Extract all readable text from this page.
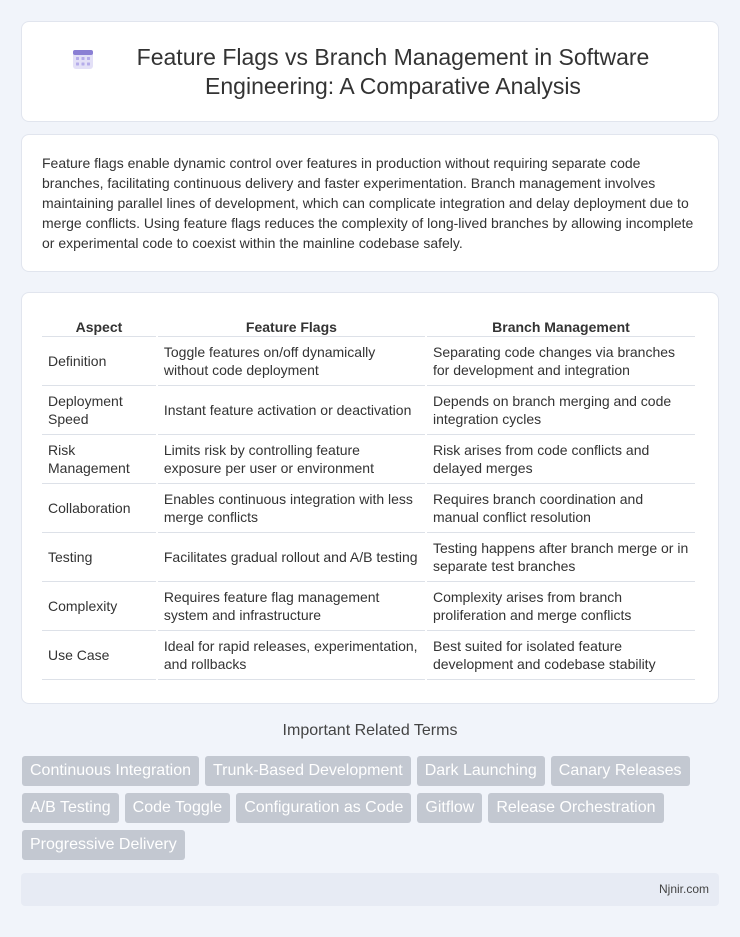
Feature Flags vs Branch Management in Software Engineering: A Comparative Analysis

Feature flags enable dynamic control over features in production without requiring separate code branches, facilitating continuous delivery and faster experimentation. Branch management involves maintaining parallel lines of development, which can complicate integration and delay deployment due to merge conflicts. Using feature flags reduces the complexity of long-lived branches by allowing incomplete or experimental code to coexist within the mainline codebase safely.

Aspect	Feature Flags	Branch Management
Definition	Toggle features on/off dynamically without code deployment	Separating code changes via branches for development and integration
Deployment Speed	Instant feature activation or deactivation	Depends on branch merging and code integration cycles
Risk Management	Limits risk by controlling feature exposure per user or environment	Risk arises from code conflicts and delayed merges
Collaboration	Enables continuous integration with less merge conflicts	Requires branch coordination and manual conflict resolution
Testing	Facilitates gradual rollout and A/B testing	Testing happens after branch merge or in separate test branches
Complexity	Requires feature flag management system and infrastructure	Complexity arises from branch proliferation and merge conflicts
Use Case	Ideal for rapid releases, experimentation, and rollbacks	Best suited for isolated feature development and codebase stability
Important Related Terms
Continuous Integration	Trunk-Based Development	Dark Launching	Canary Releases
A/B Testing	Code Toggle	Configuration as Code	Gitflow	Release Orchestration
Progressive Delivery
Njnir.com
